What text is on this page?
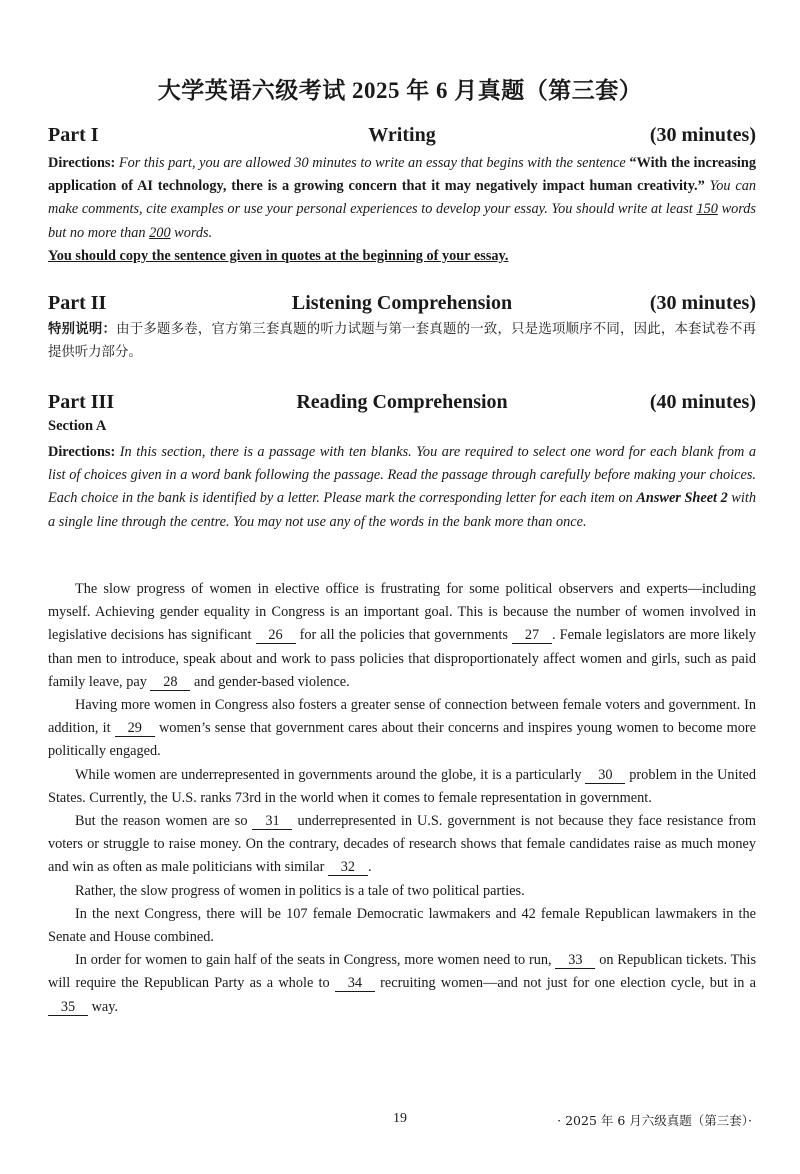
大学英语六级考试 2025 年 6 月真题（第三套）
Part I	Writing	(30 minutes)

Directions: For this part, you are allowed 30 minutes to write an essay that begins with the sentence “With the increasing application of AI technology, there is a growing concern that it may negatively impact human creativity.” You can make comments, cite examples or use your personal experiences to develop your essay. You should write at least 150 words but no more than 200 words.

You should copy the sentence given in quotes at the beginning of your essay.

Part II	Listening Comprehension	(30 minutes)
特别说明：由于多题多卷，官方第三套真题的听力试题与第一套真题的一致，只是选项顺序不同，因此，本套试卷不再提供听力部分。
Part III	Reading Comprehension	(40 minutes)
Section A

Directions: In this section, there is a passage with ten blanks. You are required to select one word for each blank from a list of choices given in a word bank following the passage. Read the passage through carefully before making your choices. Each choice in the bank is identified by a letter. Please mark the corresponding letter for each item on Answer Sheet 2 with a single line through the centre. You may not use any of the words in the bank more than once.

The slow progress of women in elective office is frustrating for some political observers and experts—including myself. Achieving gender equality in Congress is an important goal. This is because the number of women involved in legislative decisions has significant 26 for all the policies that governments 27 . Female legislators are more likely than men to introduce, speak about and work to pass policies that disproportionately affect women and girls, such as paid family leave, pay 28 and gender-based violence.

Having more women in Congress also fosters a greater sense of connection between female voters and government. In addition, it 29 women’s sense that government cares about their concerns and inspires young women to become more politically engaged.

While women are underrepresented in governments around the globe, it is a particularly 30 problem in the United States. Currently, the U.S. ranks 73rd in the world when it comes to female representation in government.

But the reason women are so 31 underrepresented in U.S. government is not because they face resistance from voters or struggle to raise money. On the contrary, decades of research shows that female candidates raise as much money and win as often as male politicians with similar 32 .

Rather, the slow progress of women in politics is a tale of two political parties.

In the next Congress, there will be 107 female Democratic lawmakers and 42 female Republican lawmakers in the Senate and House combined.

In order for women to gain half of the seats in Congress, more women need to run, 33 on Republican tickets. This will require the Republican Party as a whole to 34 recruiting women—and not just for one election cycle, but in a 35 way.

19	· 2025 年 6 月六级真题（第三套）·
